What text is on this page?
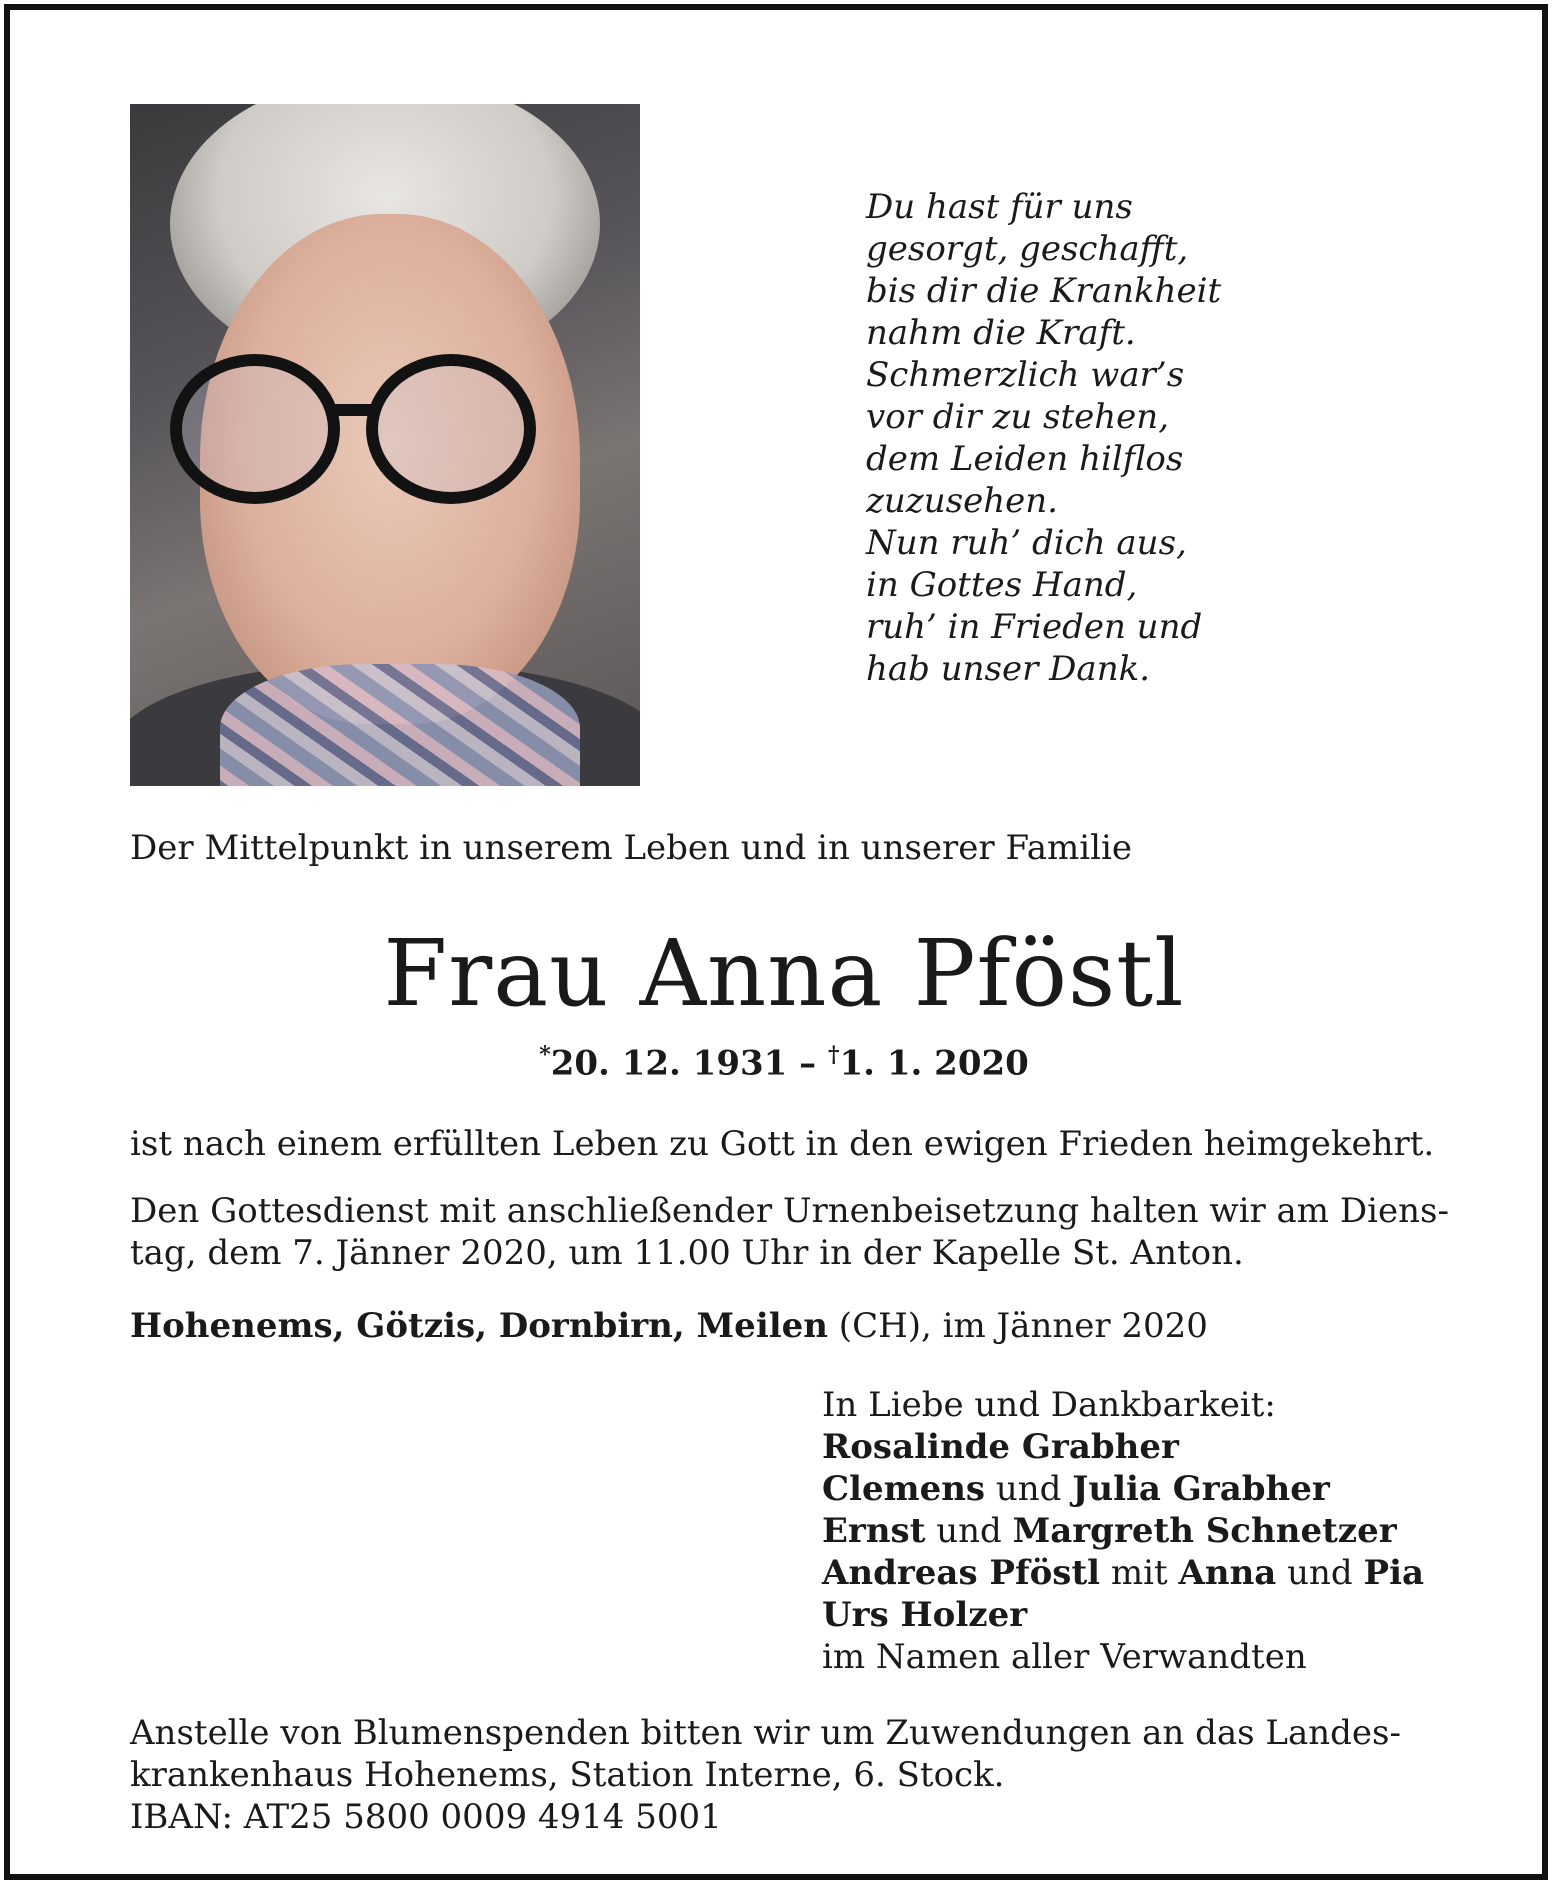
Du hast für uns
gesorgt, geschafft,
bis dir die Krankheit
nahm die Kraft.
Schmerzlich war’s
vor dir zu stehen,
dem Leiden hilflos
zuzusehen.
Nun ruh’ dich aus,
in Gottes Hand,
ruh’ in Frieden und
hab unser Dank.
Der Mittelpunkt in unserem Leben und in unserer Familie
Frau Anna Pföstl
*20. 12. 1931 – †1. 1. 2020
ist nach einem erfüllten Leben zu Gott in den ewigen Frieden heimgekehrt.
Den Gottesdienst mit anschließender Urnenbeisetzung halten wir am Diens-
tag, dem 7. Jänner 2020, um 11.00 Uhr in der Kapelle St. Anton.
Hohenems, Götzis, Dornbirn, Meilen (CH), im Jänner 2020
In Liebe und Dankbarkeit:
Rosalinde Grabher
Clemens und Julia Grabher
Ernst und Margreth Schnetzer
Andreas Pföstl mit Anna und Pia
Urs Holzer
im Namen aller Verwandten
Anstelle von Blumenspenden bitten wir um Zuwendungen an das Landes-
krankenhaus Hohenems, Station Interne, 6. Stock.
IBAN: AT25 5800 0009 4914 5001
